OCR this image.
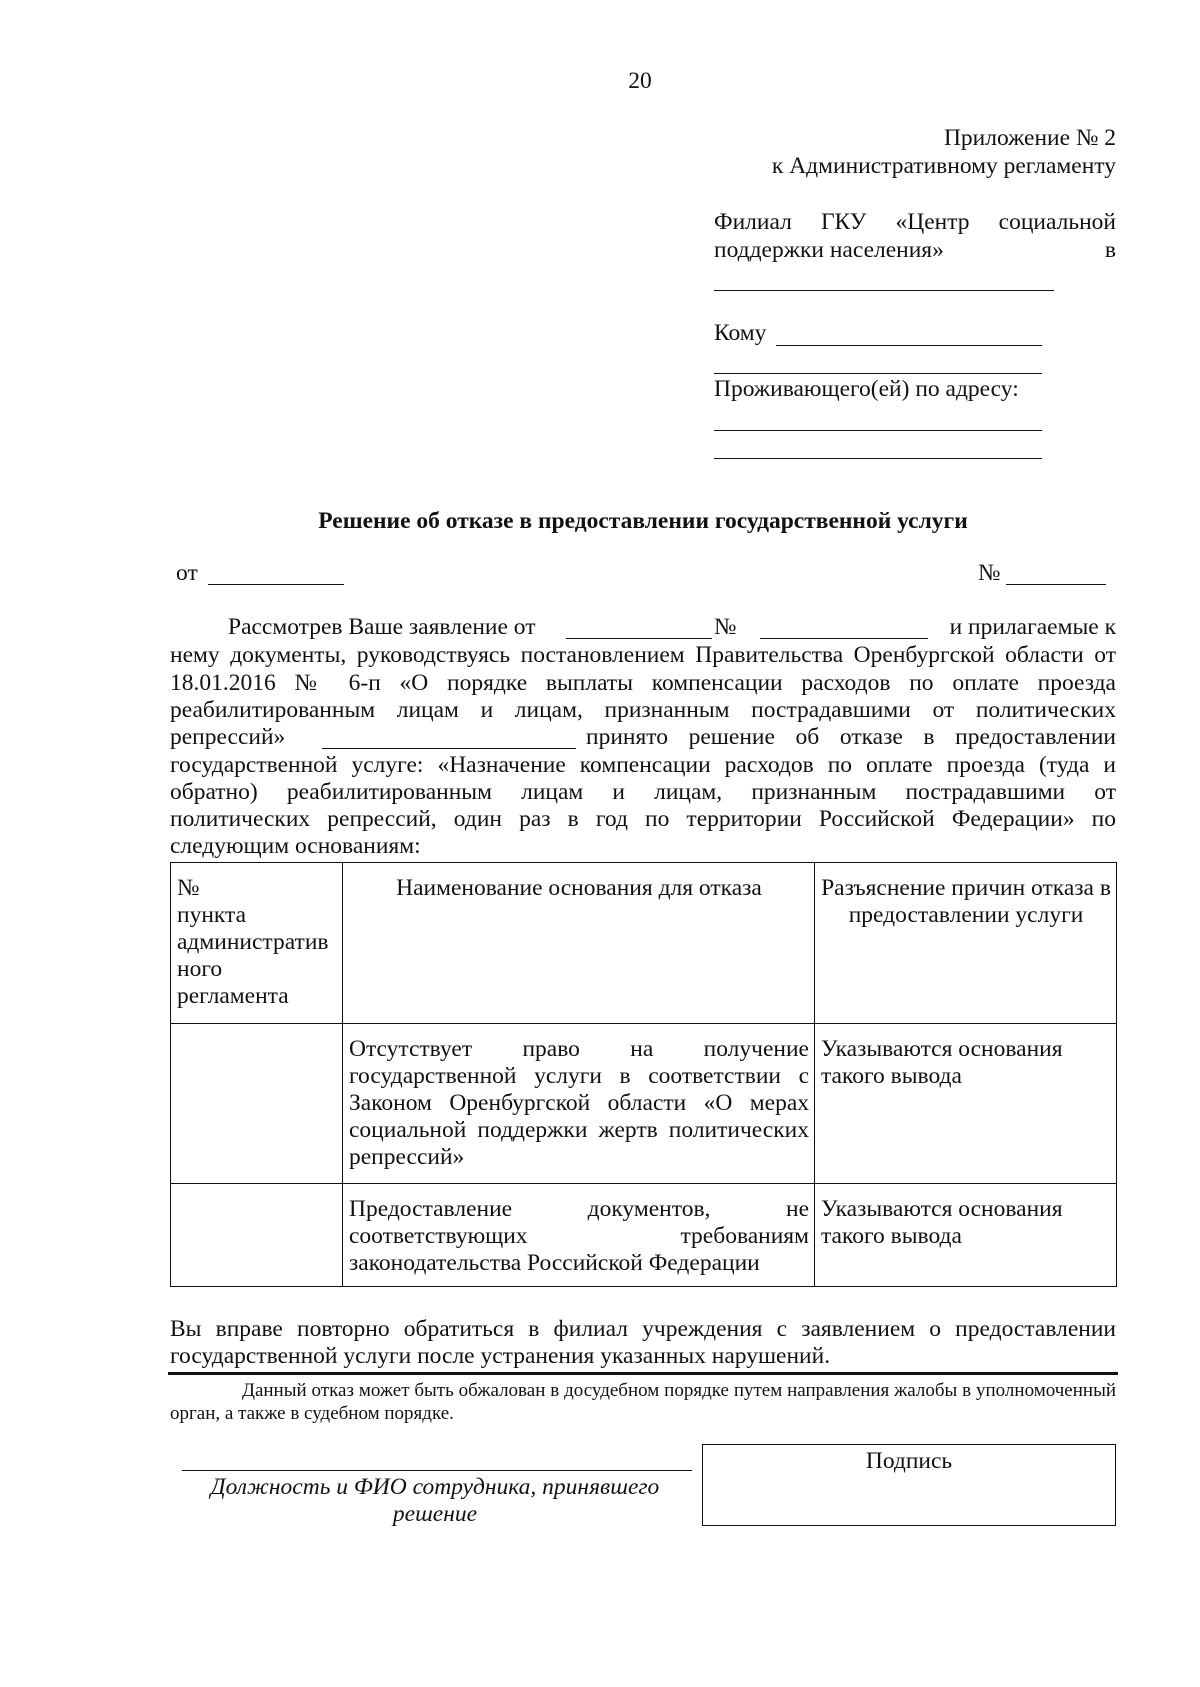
20
Приложение № 2
к Административному регламенту
Филиал ГКУ «Центр социальной
поддержки населения»	в
Кому
Проживающего(ей) по адресу:
Решение об отказе в предоставлении государственной услуги
от	№
Рассмотрев Ваше заявление от	№	и прилагаемые к
нему документы, руководствуясь постановлением Правительства Оренбургской области от
18.01.2016 № 6-п «О порядке выплаты компенсации расходов по оплате проезда
реабилитированным лицам и лицам, признанным пострадавшими от политических
репрессий»	принято решение об отказе в предоставлении
государственной услуге: «Назначение компенсации расходов по оплате проезда (туда и
обратно) реабилитированным лицам и лицам, признанным пострадавшими от
политических репрессий, один раз в год по территории Российской Федерации» по
следующим основаниям:
№
пункта
административ
ного
регламента	Наименование основания для отказа	Разъяснение причин отказа в предоставлении услуги
	Отсутствует право на получение государственной услуги в соответствии с Законом Оренбургской области «О мерах социальной поддержки жертв политических репрессий»	Указываются основания такого вывода
	Предоставление документов, не соответствующих требованиям законодательства Российской Федерации	Указываются основания такого вывода
Вы вправе повторно обратиться в филиал учреждения с заявлением о предоставлении государственной услуги после устранения указанных нарушений.
Данный отказ может быть обжалован в досудебном порядке путем направления жалобы в уполномоченный орган, а также в судебном порядке.
Должность и ФИО сотрудника, принявшего решение
Подпись
